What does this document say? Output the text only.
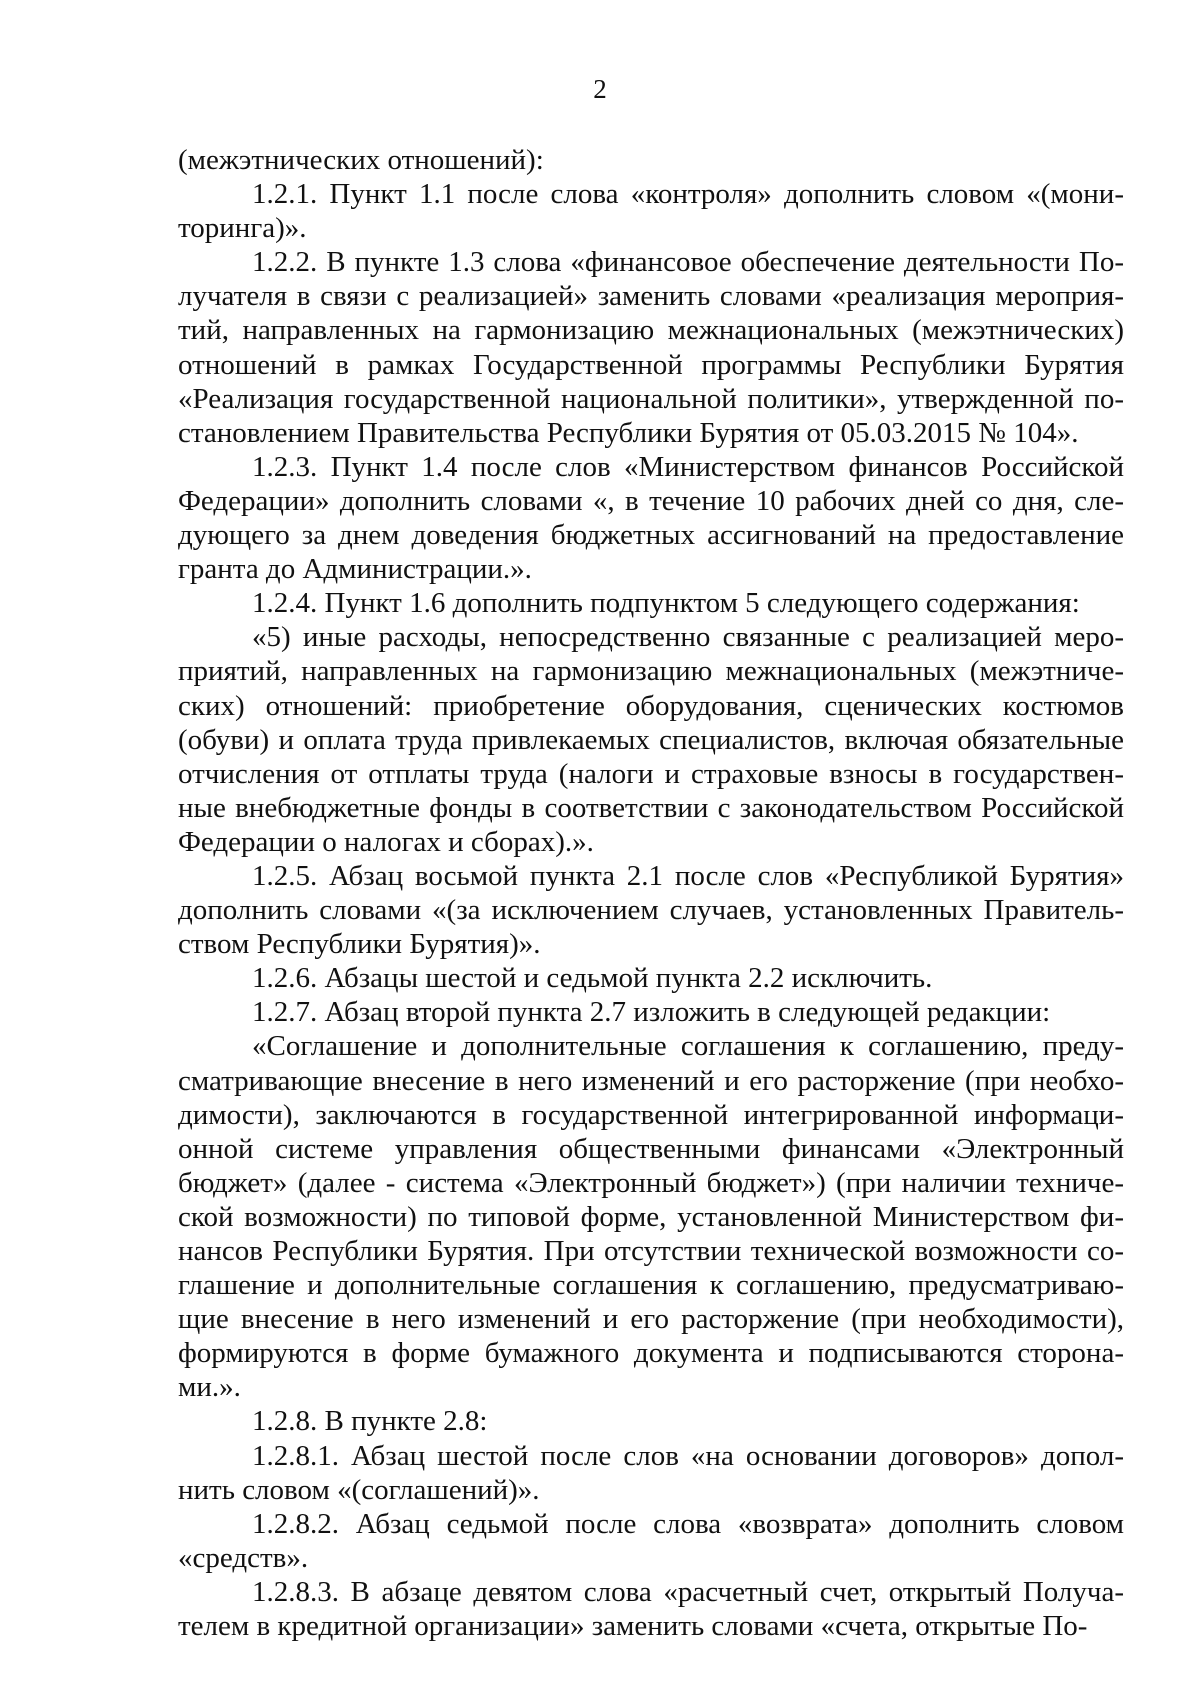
2

(межэтнических отношений):

1.2.1. Пункт 1.1 после слова «контроля» дополнить словом «(мониторинга)».

1.2.2. В пункте 1.3 слова «финансовое обеспечение деятельности Получателя в связи с реализацией» заменить словами «реализация мероприятий, направленных на гармонизацию межнациональных (межэтнических) отношений в рамках Государственной программы Республики Бурятия «Реализация государственной национальной политики», утвержденной постановлением Правительства Республики Бурятия от 05.03.2015 № 104».

1.2.3. Пункт 1.4 после слов «Министерством финансов Российской Федерации» дополнить словами «, в течение 10 рабочих дней со дня, следующего за днем доведения бюджетных ассигнований на предоставление гранта до Администрации.».

1.2.4. Пункт 1.6 дополнить подпунктом 5 следующего содержания:

«5) иные расходы, непосредственно связанные с реализацией мероприятий, направленных на гармонизацию межнациональных (межэтнических) отношений: приобретение оборудования, сценических костюмов (обуви) и оплата труда привлекаемых специалистов, включая обязательные отчисления от отплаты труда (налоги и страховые взносы в государственные внебюджетные фонды в соответствии с законодательством Российской Федерации о налогах и сборах).».

1.2.5. Абзац восьмой пункта 2.1 после слов «Республикой Бурятия» дополнить словами «(за исключением случаев, установленных Правительством Республики Бурятия)».

1.2.6. Абзацы шестой и седьмой пункта 2.2 исключить.

1.2.7. Абзац второй пункта 2.7 изложить в следующей редакции:

«Соглашение и дополнительные соглашения к соглашению, предусматривающие внесение в него изменений и его расторжение (при необходимости), заключаются в государственной интегрированной информационной системе управления общественными финансами «Электронный бюджет» (далее - система «Электронный бюджет») (при наличии технической возможности) по типовой форме, установленной Министерством финансов Республики Бурятия. При отсутствии технической возможности соглашение и дополнительные соглашения к соглашению, предусматривающие внесение в него изменений и его расторжение (при необходимости), формируются в форме бумажного документа и подписываются сторонами.».

1.2.8. В пункте 2.8:

1.2.8.1. Абзац шестой после слов «на основании договоров» дополнить словом «(соглашений)».

1.2.8.2. Абзац седьмой после слова «возврата» дополнить словом «средств».

1.2.8.3. В абзаце девятом слова «расчетный счет, открытый Получателем в кредитной организации» заменить словами «счета, открытые По-
